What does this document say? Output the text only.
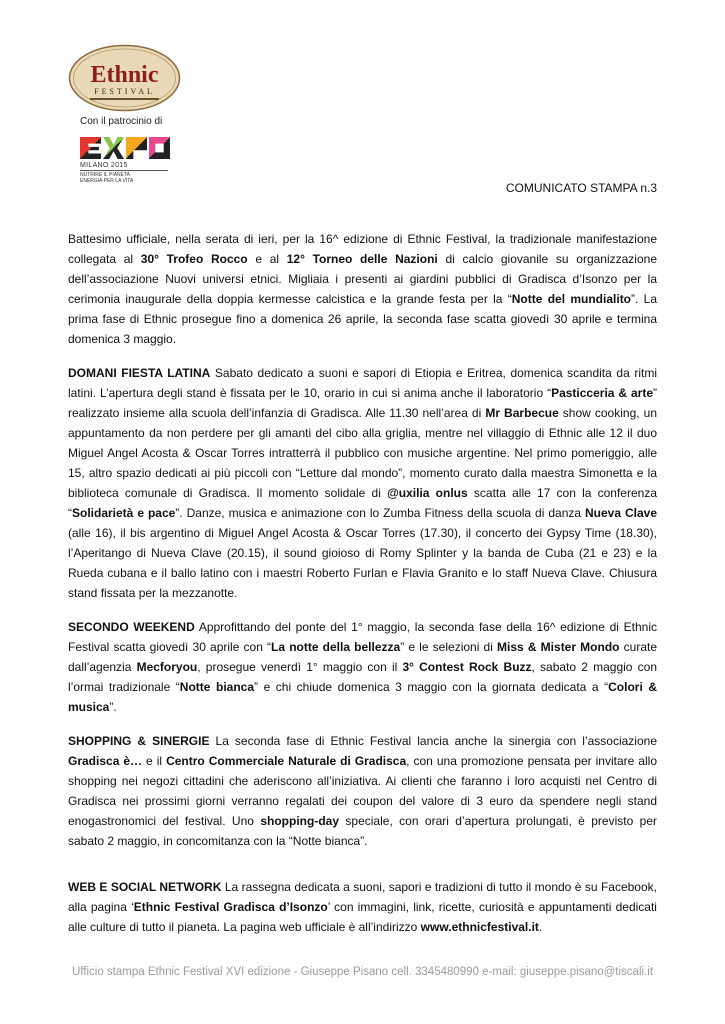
Ethnic
FESTIVAL
Con il patrocinio di
MILANO 2015
NUTRIRE IL PIANETA
ENERGIA PER LA VITA	COMUNICATO STAMPA n.3

Battesimo ufficiale, nella serata di ieri, per la 16^ edizione di Ethnic Festival, la tradizionale manifestazione collegata al 30° Trofeo Rocco e al 12° Torneo delle Nazioni di calcio giovanile su organizzazione dell’associazione Nuovi universi etnici. Migliaia i presenti ai giardini pubblici di Gradisca d’Isonzo per la cerimonia inaugurale della doppia kermesse calcistica e la grande festa per la “Notte del mundialito”. La prima fase di Ethnic prosegue fino a domenica 26 aprile, la seconda fase scatta giovedì 30 aprile e termina domenica 3 maggio.

DOMANI FIESTA LATINA Sabato dedicato a suoni e sapori di Etiopia e Eritrea, domenica scandita da ritmi latini. L’apertura degli stand è fissata per le 10, orario in cui si anima anche il laboratorio “Pasticceria & arte” realizzato insieme alla scuola dell’infanzia di Gradisca. Alle 11.30 nell’area di Mr Barbecue show cooking, un appuntamento da non perdere per gli amanti del cibo alla griglia, mentre nel villaggio di Ethnic alle 12 il duo Miguel Angel Acosta & Oscar Torres intratterrà il pubblico con musiche argentine. Nel primo pomeriggio, alle 15, altro spazio dedicati ai più piccoli con “Letture dal mondo”, momento curato dalla maestra Simonetta e la biblioteca comunale di Gradisca. Il momento solidale di @uxilia onlus scatta alle 17 con la conferenza “Solidarietà e pace”. Danze, musica e animazione con lo Zumba Fitness della scuola di danza Nueva Clave (alle 16), il bis argentino di Miguel Angel Acosta & Oscar Torres (17.30), il concerto dei Gypsy Time (18.30), l’Aperitango di Nueva Clave (20.15), il sound gioioso di Romy Splinter y la banda de Cuba (21 e 23) e la Rueda cubana e il ballo latino con i maestri Roberto Furlan e Flavia Granito e lo staff Nueva Clave. Chiusura stand fissata per la mezzanotte.

SECONDO WEEKEND Approfittando del ponte del 1° maggio, la seconda fase della 16^ edizione di Ethnic Festival scatta giovedì 30 aprile con “La notte della bellezza” e le selezioni di Miss & Mister Mondo curate dall’agenzia Mecforyou, prosegue venerdì 1° maggio con il 3° Contest Rock Buzz, sabato 2 maggio con l’ormai tradizionale “Notte bianca” e chi chiude domenica 3 maggio con la giornata dedicata a “Colori & musica”.

SHOPPING & SINERGIE La seconda fase di Ethnic Festival lancia anche la sinergia con l’associazione Gradisca è… e il Centro Commerciale Naturale di Gradisca, con una promozione pensata per invitare allo shopping nei negozi cittadini che aderiscono all’iniziativa. Ai clienti che faranno i loro acquisti nel Centro di Gradisca nei prossimi giorni verranno regalati dei coupon del valore di 3 euro da spendere negli stand enogastronomici del festival. Uno shopping-day speciale, con orari d’apertura prolungati, è previsto per sabato 2 maggio, in concomitanza con la “Notte bianca”.

WEB E SOCIAL NETWORK La rassegna dedicata a suoni, sapori e tradizioni di tutto il mondo è su Facebook, alla pagina ‘Ethnic Festival Gradisca d’Isonzo’ con immagini, link, ricette, curiosità e appuntamenti dedicati alle culture di tutto il pianeta. La pagina web ufficiale è all’indirizzo www.ethnicfestival.it.

Ufficio stampa Ethnic Festival XVI edizione - Giuseppe Pisano cell. 3345480990 e-mail: giuseppe.pisano@tiscali.it
